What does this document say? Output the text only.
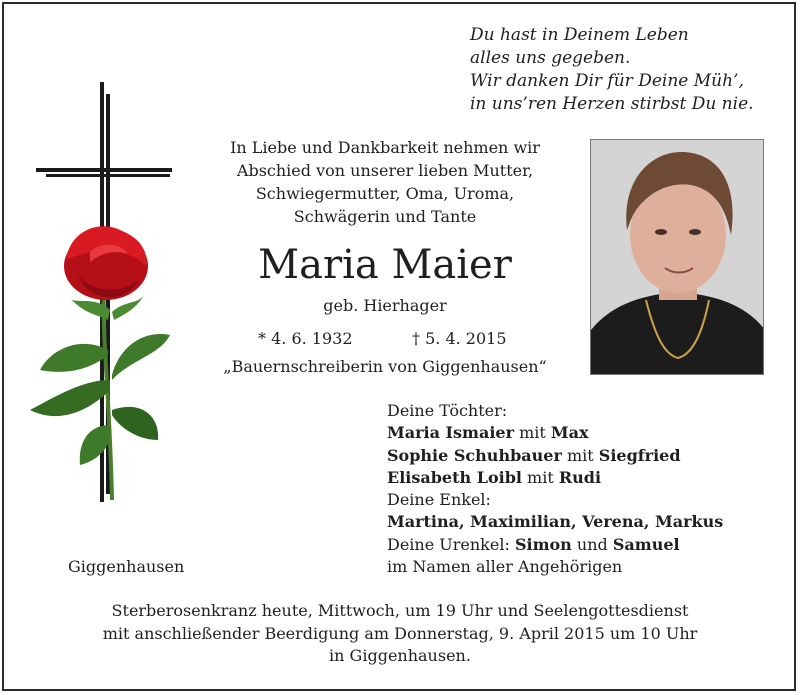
Du hast in Deinem Leben
alles uns gegeben.
Wir danken Dir für Deine Müh’,
in uns’ren Herzen stirbst Du nie.
In Liebe und Dankbarkeit nehmen wir
Abschied von unserer lieben Mutter,
Schwiegermutter, Oma, Uroma,
Schwägerin und Tante
Maria Maier
geb. Hierhager
* 4. 6. 1932	† 5. 4. 2015
„Bauernschreiberin von Giggenhausen“
Deine Töchter:
Maria Ismaier mit Max
Sophie Schuhbauer mit Siegfried
Elisabeth Loibl mit Rudi
Deine Enkel:
Martina, Maximilian, Verena, Markus
Deine Urenkel: Simon und Samuel
im Namen aller Angehörigen
Giggenhausen
Sterberosenkranz heute, Mittwoch, um 19 Uhr und Seelengottesdienst
mit anschließender Beerdigung am Donnerstag, 9. April 2015 um 10 Uhr
in Giggenhausen.
